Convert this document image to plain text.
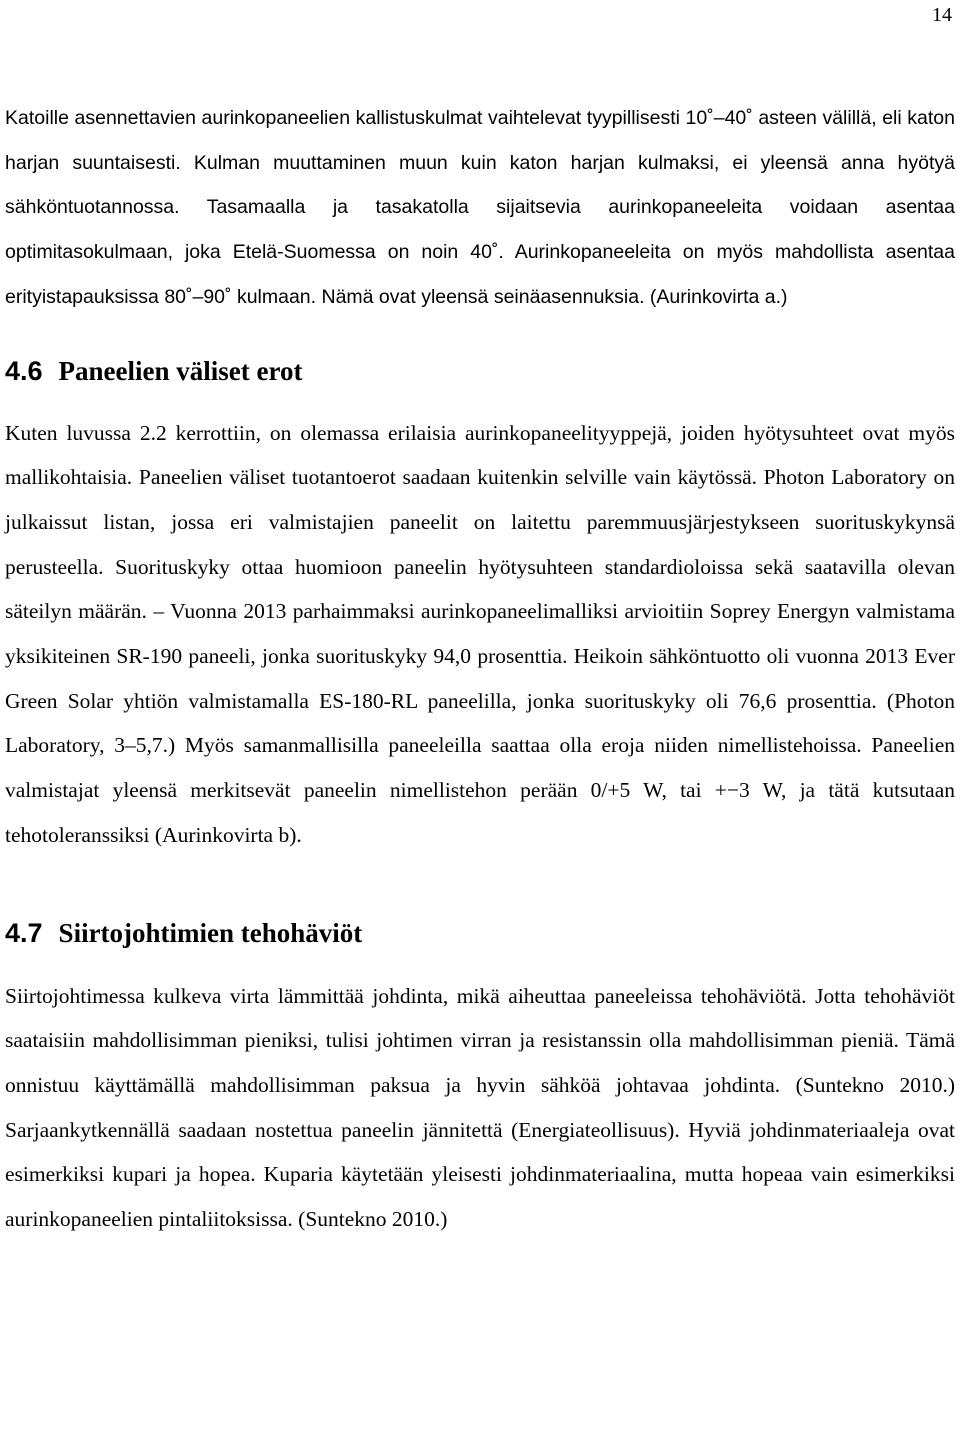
14

Katoille asennettavien aurinkopaneelien kallistuskulmat vaihtelevat tyypillisesti 10˚–40˚ asteen välillä, eli katon harjan suuntaisesti. Kulman muuttaminen muun kuin katon harjan kulmaksi, ei yleensä anna hyötyä sähköntuotannossa. Tasamaalla ja tasakatolla sijaitsevia aurinkopaneeleita voidaan asentaa optimitasokulmaan, joka Etelä-Suomessa on noin 40˚. Aurinkopaneeleita on myös mahdollista asentaa erityistapauksissa 80˚–90˚ kulmaan. Nämä ovat yleensä seinäasennuksia. (Aurinkovirta a.)

4.6 Paneelien väliset erot

Kuten luvussa 2.2 kerrottiin, on olemassa erilaisia aurinkopaneelityyppejä, joiden hyötysuhteet ovat myös mallikohtaisia. Paneelien väliset tuotantoerot saadaan kuitenkin selville vain käytössä. Photon Laboratory on julkaissut listan, jossa eri valmistajien paneelit on laitettu paremmuusjärjestykseen suorituskykynsä perusteella. Suorituskyky ottaa huomioon paneelin hyötysuhteen standardioloissa sekä saatavilla olevan säteilyn määrän. – Vuonna 2013 parhaimmaksi aurinkopaneelimalliksi arvioitiin Soprey Energyn valmistama yksikiteinen SR-190 paneeli, jonka suorituskyky 94,0 prosenttia. Heikoin sähköntuotto oli vuonna 2013 Ever Green Solar yhtiön valmistamalla ES-180-RL paneelilla, jonka suorituskyky oli 76,6 prosenttia. (Photon Laboratory, 3–5,7.) Myös samanmallisilla paneeleilla saattaa olla eroja niiden nimellistehoissa. Paneelien valmistajat yleensä merkitsevät paneelin nimellistehon perään 0/+5 W, tai +−3 W, ja tätä kutsutaan tehotoleranssiksi (Aurinkovirta b).

4.7 Siirtojohtimien tehohäviöt

Siirtojohtimessa kulkeva virta lämmittää johdinta, mikä aiheuttaa paneeleissa tehohäviötä. Jotta tehohäviöt saataisiin mahdollisimman pieniksi, tulisi johtimen virran ja resistanssin olla mahdollisimman pieniä. Tämä onnistuu käyttämällä mahdollisimman paksua ja hyvin sähköä johtavaa johdinta. (Suntekno 2010.) Sarjaankytkennällä saadaan nostettua paneelin jännitettä (Energiateollisuus). Hyviä johdinmateriaaleja ovat esimerkiksi kupari ja hopea. Kuparia käytetään yleisesti johdinmateriaalina, mutta hopeaa vain esimerkiksi aurinkopaneelien pintaliitoksissa. (Suntekno 2010.)
